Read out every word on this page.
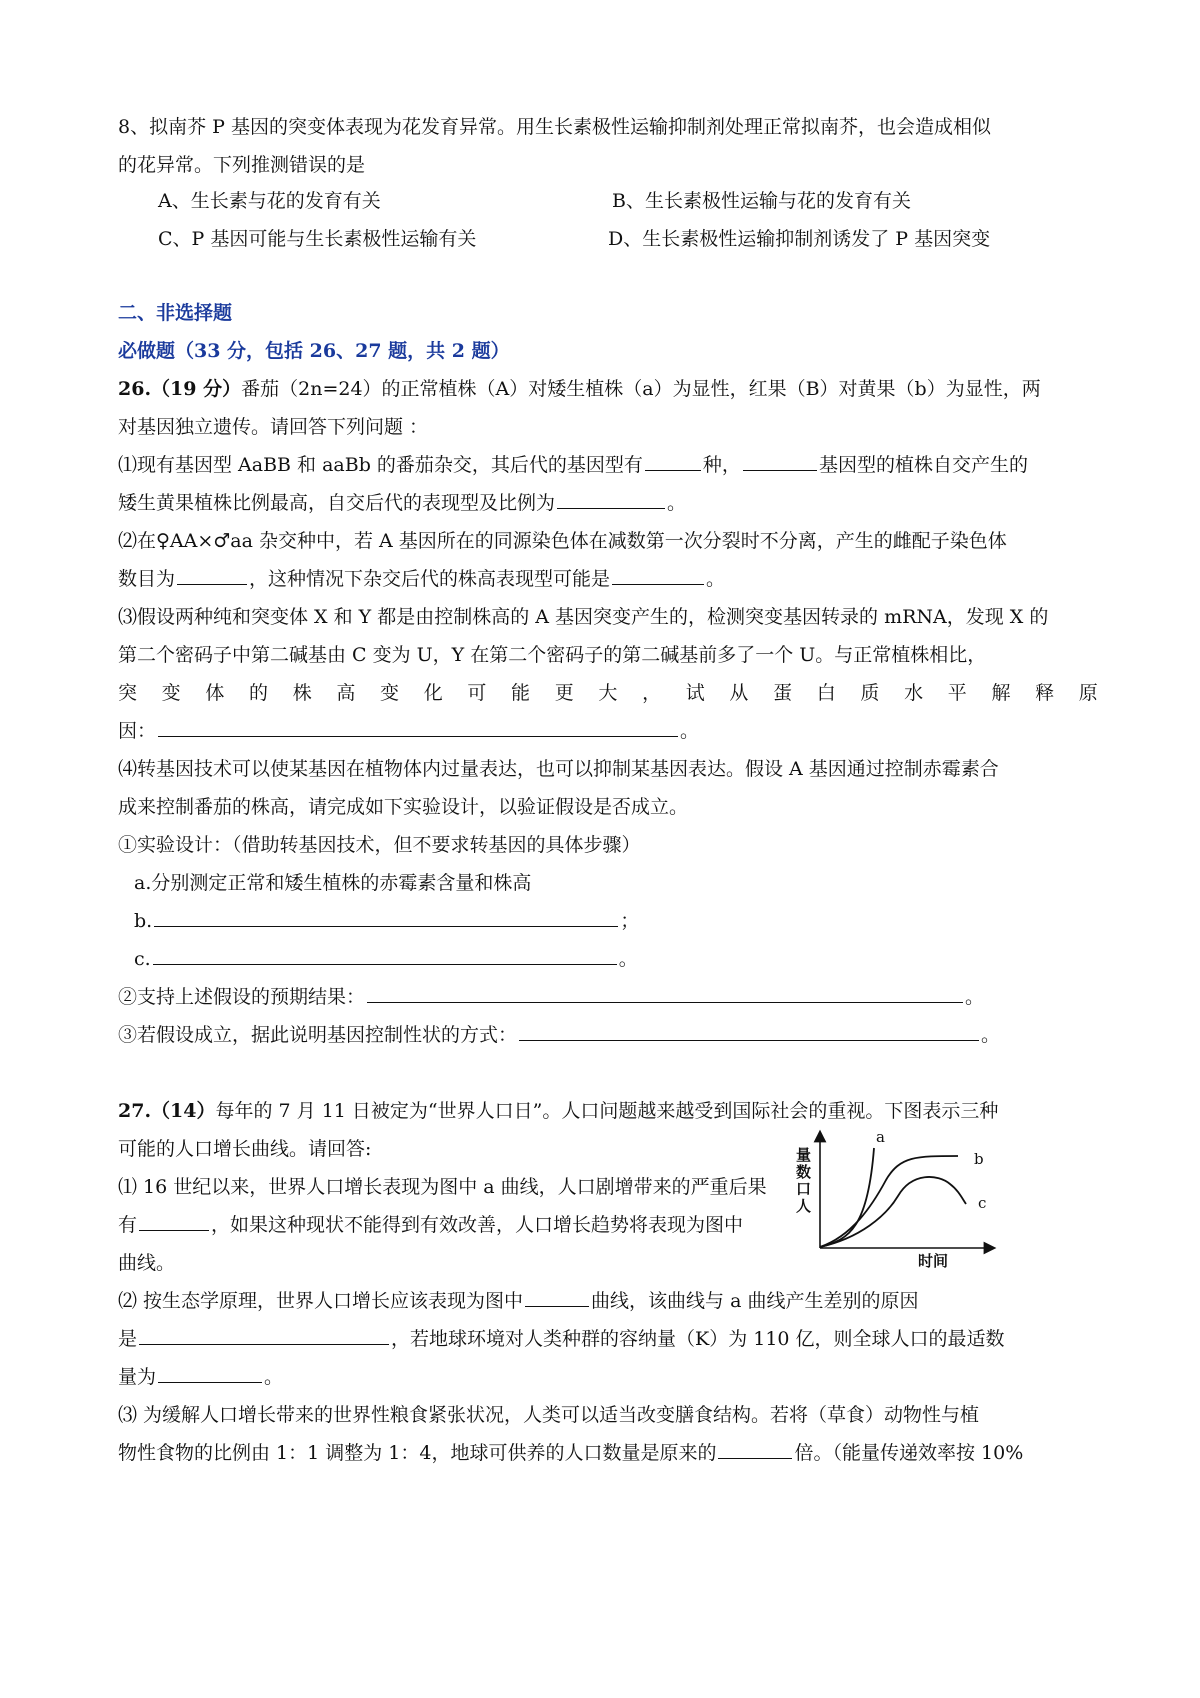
8、拟南芥 P 基因的突变体表现为花发育异常。用生长素极性运输抑制剂处理正常拟南芥，也会造成相似
的花异常。下列推测错误的是
A、生长素与花的发育有关	B、生长素极性运输与花的发育有关
C、P 基因可能与生长素极性运输有关	D、生长素极性运输抑制剂诱发了 P 基因突变
二、非选择题
必做题（33 分，包括 26、27 题，共 2 题）
26.（19 分）番茄（2n=24）的正常植株（A）对矮生植株（a）为显性，红果（B）对黄果（b）为显性，两
对基因独立遗传。请回答下列问题 ：
⑴现有基因型 AaBB 和 aaBb 的番茄杂交，其后代的基因型有	种，	基因型的植株自交产生的
矮生黄果植株比例最高，自交后代的表现型及比例为	。
⑵在♀AA×♂aa 杂交种中，若 A 基因所在的同源染色体在减数第一次分裂时不分离，产生的雌配子染色体
数目为	，这种情况下杂交后代的株高表现型可能是	。
⑶假设两种纯和突变体 X 和 Y 都是由控制株高的 A 基因突变产生的，检测突变基因转录的 mRNA，发现 X 的
第二个密码子中第二碱基由 C 变为 U，Y 在第二个密码子的第二碱基前多了一个 U。与正常植株相比，
突 变 体 的 株 高 变 化 可 能 更 大 ， 试 从 蛋 白 质 水 平 解 释 原
因：	。
⑷转基因技术可以使某基因在植物体内过量表达，也可以抑制某基因表达。假设 A 基因通过控制赤霉素合
成来控制番茄的株高，请完成如下实验设计，以验证假设是否成立。
①实验设计：（借助转基因技术，但不要求转基因的具体步骤）
a.分别测定正常和矮生植株的赤霉素含量和株高
b.	；
c.	。
②支持上述假设的预期结果：	。
③若假设成立，据此说明基因控制性状的方式：	。
27.（14）每年的 7 月 11 日被定为“世界人口日”。人口问题越来越受到国际社会的重视。下图表示三种
可能的人口增长曲线。请回答:
⑴ 16 世纪以来，世界人口增长表现为图中 a 曲线，人口剧增带来的严重后果
有	，如果这种现状不能得到有效改善，人口增长趋势将表现为图中
曲线。
⑵ 按生态学原理，世界人口增长应该表现为图中	曲线，该曲线与 a 曲线产生差别的原因
是	，若地球环境对人类种群的容纳量（K）为 110 亿，则全球人口的最适数
量为	。
⑶ 为缓解人口增长带来的世界性粮食紧张状况，人类可以适当改变膳食结构。若将（草食）动物性与植
物性食物的比例由 1：1 调整为 1：4，地球可供养的人口数量是原来的	倍。（能量传递效率按 10%
量
数
口
人
时间
a
b
c
